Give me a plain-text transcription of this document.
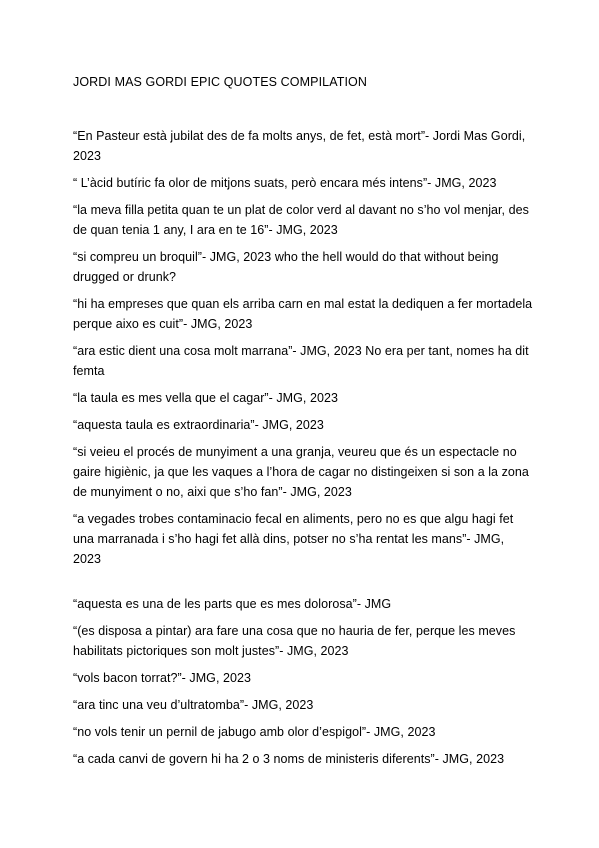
JORDI MAS GORDI EPIC QUOTES COMPILATION

“En Pasteur està jubilat des de fa molts anys, de fet, està mort”- Jordi Mas Gordi, 2023

“ L’àcid butíric fa olor de mitjons suats, però encara més intens”- JMG, 2023

“la meva filla petita quan te un plat de color verd al davant no s’ho vol menjar, des de quan tenia 1 any, I ara en te 16”- JMG, 2023

“si compreu un broquil”- JMG, 2023 who the hell would do that without being drugged or drunk?

“hi ha empreses que quan els arriba carn en mal estat la dediquen a fer mortadela perque aixo es cuit”- JMG, 2023

“ara estic dient una cosa molt marrana”- JMG, 2023 No era per tant, nomes ha dit femta

“la taula es mes vella que el cagar”- JMG, 2023

“aquesta taula es extraordinaria”- JMG, 2023

“si veieu el procés de munyiment a una granja, veureu que és un espectacle no gaire higiènic, ja que les vaques a l’hora de cagar no distingeixen si son a la zona de munyiment o no, aixi que s’ho fan”- JMG, 2023

“a vegades trobes contaminacio fecal en aliments, pero no es que algu hagi fet una marranada i s’ho hagi fet allà dins, potser no s’ha rentat les mans”- JMG, 2023

“aquesta es una de les parts que es mes dolorosa”- JMG

“(es disposa a pintar) ara fare una cosa que no hauria de fer, perque les meves habilitats pictoriques son molt justes”- JMG, 2023

“vols bacon torrat?”- JMG, 2023

“ara tinc una veu d’ultratomba”- JMG, 2023

“no vols tenir un pernil de jabugo amb olor d’espigol”- JMG, 2023

“a cada canvi de govern hi ha 2 o 3 noms de ministeris diferents”- JMG, 2023
